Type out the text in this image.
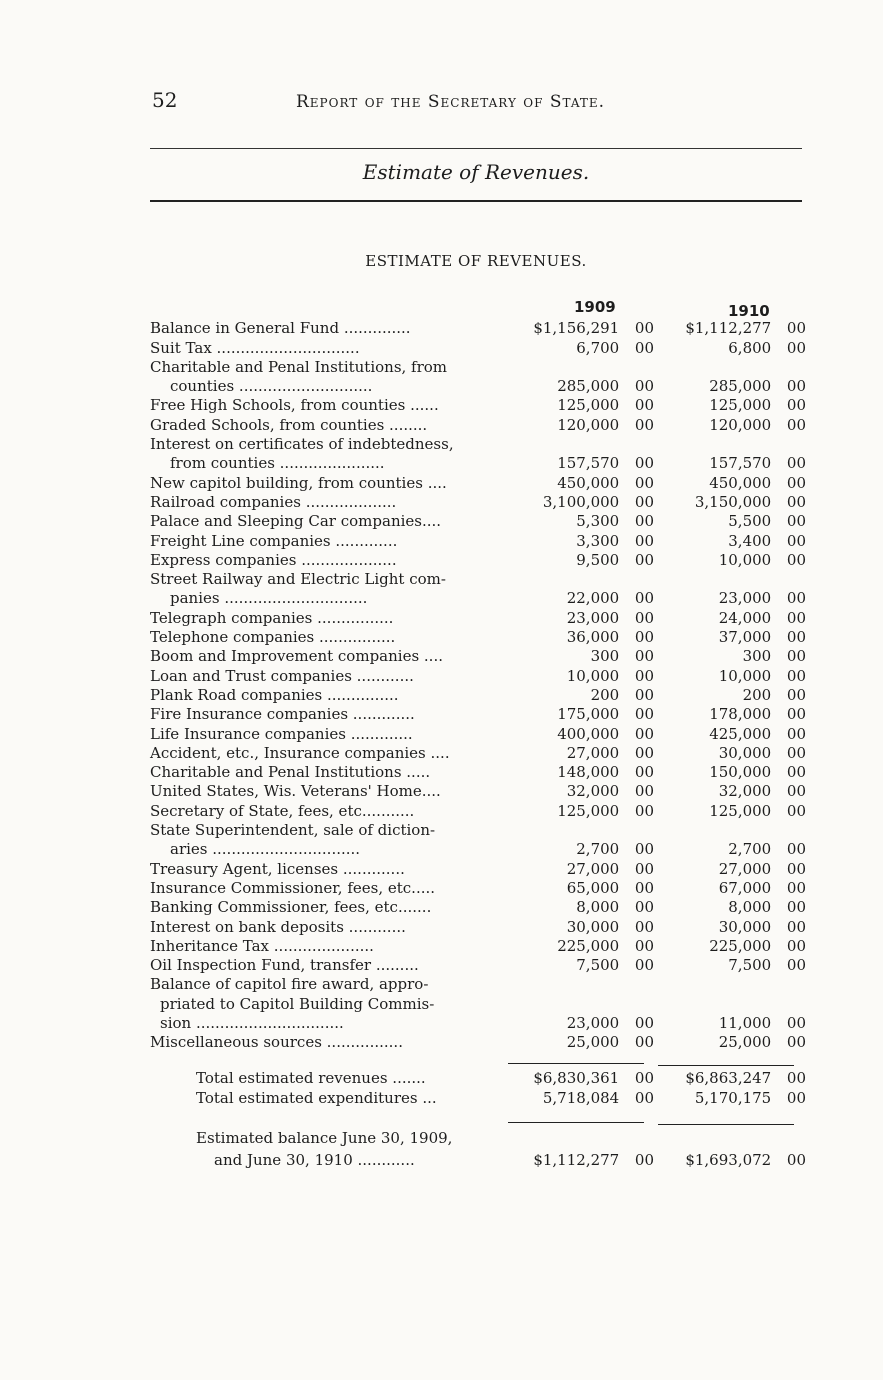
52	Report of the Secretary of State.
Estimate of Revenues.
ESTIMATE OF REVENUES.
1909	1910
Balance in General Fund ..............	$1,156,291 00	$1,112,277 00
Suit Tax ..............................	6,700 00	6,800 00
Charitable and Penal Institutions, from
counties ............................	285,000 00	285,000 00
Free High Schools, from counties ......	125,000 00	125,000 00
Graded Schools, from counties ........	120,000 00	120,000 00
Interest on certificates of indebtedness,
from counties ......................	157,570 00	157,570 00
New capitol building, from counties ....	450,000 00	450,000 00
Railroad companies ...................	3,100,000 00	3,150,000 00
Palace and Sleeping Car companies....	5,300 00	5,500 00
Freight Line companies .............	3,300 00	3,400 00
Express companies ....................	9,500 00	10,000 00
Street Railway and Electric Light com-
panies ..............................	22,000 00	23,000 00
Telegraph companies ................	23,000 00	24,000 00
Telephone companies ................	36,000 00	37,000 00
Boom and Improvement companies ....	300 00	300 00
Loan and Trust companies ............	10,000 00	10,000 00
Plank Road companies ...............	200 00	200 00
Fire Insurance companies .............	175,000 00	178,000 00
Life Insurance companies .............	400,000 00	425,000 00
Accident, etc., Insurance companies ....	27,000 00	30,000 00
Charitable and Penal Institutions .....	148,000 00	150,000 00
United States, Wis. Veterans' Home....	32,000 00	32,000 00
Secretary of State, fees, etc...........	125,000 00	125,000 00
State Superintendent, sale of diction-
aries ...............................	2,700 00	2,700 00
Treasury Agent, licenses .............	27,000 00	27,000 00
Insurance Commissioner, fees, etc.....	65,000 00	67,000 00
Banking Commissioner, fees, etc.......	8,000 00	8,000 00
Interest on bank deposits ............	30,000 00	30,000 00
Inheritance Tax .....................	225,000 00	225,000 00
Oil Inspection Fund, transfer .........	7,500 00	7,500 00
Balance of capitol fire award, appro-
priated to Capitol Building Commis-
sion ...............................	23,000 00	11,000 00
Miscellaneous sources ................	25,000 00	25,000 00
Total estimated revenues .......	$6,830,361 00	$6,863,247 00
Total estimated expenditures ...	5,718,084 00	5,170,175 00
Estimated balance June 30, 1909,
and June 30, 1910 ............	$1,112,277 00	$1,693,072 00
